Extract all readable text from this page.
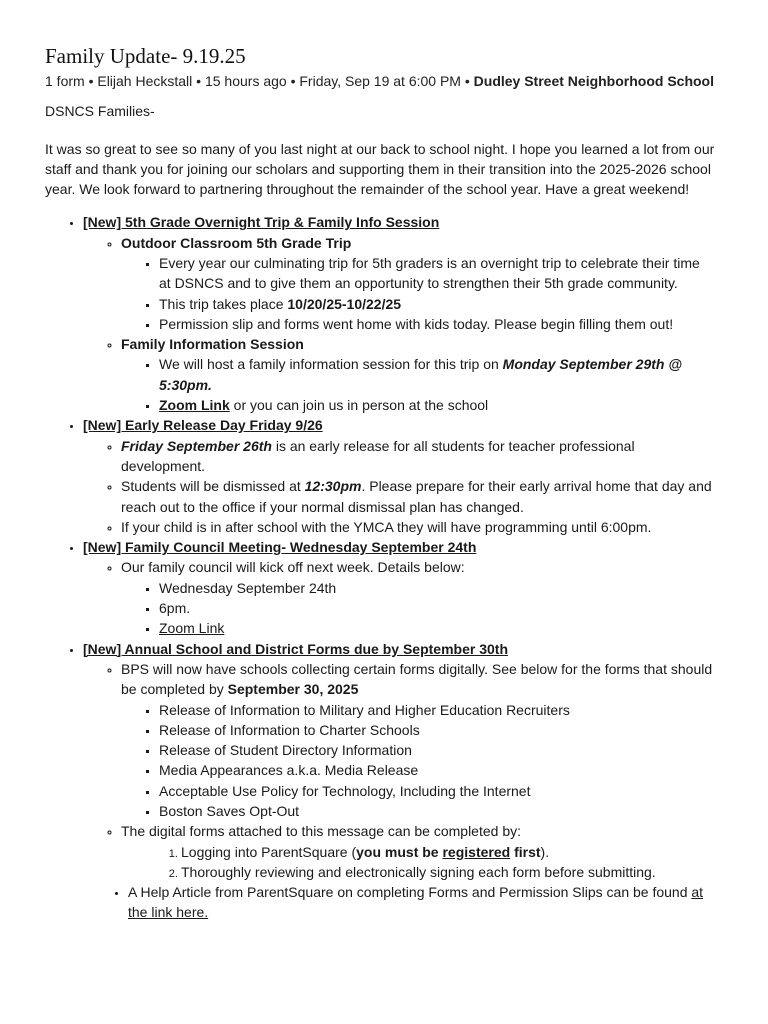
Family Update- 9.19.25
1 form • Elijah Heckstall • 15 hours ago • Friday, Sep 19 at 6:00 PM • Dudley Street Neighborhood School
DSNCS Families-
It was so great to see so many of you last night at our back to school night. I hope you learned a lot from our staff and thank you for joining our scholars and supporting them in their transition into the 2025-2026 school year. We look forward to partnering throughout the remainder of the school year. Have a great weekend!
• [New] 5th Grade Overnight Trip & Family Info Session
◦ Outdoor Classroom 5th Grade Trip
▪ Every year our culminating trip for 5th graders is an overnight trip to celebrate their time at DSNCS and to give them an opportunity to strengthen their 5th grade community.
▪ This trip takes place 10/20/25-10/22/25
▪ Permission slip and forms went home with kids today. Please begin filling them out!
◦ Family Information Session
▪ We will host a family information session for this trip on Monday September 29th @ 5:30pm.
▪ Zoom Link or you can join us in person at the school
• [New] Early Release Day Friday 9/26
◦ Friday September 26th is an early release for all students for teacher professional development.
◦ Students will be dismissed at 12:30pm. Please prepare for their early arrival home that day and reach out to the office if your normal dismissal plan has changed.
◦ If your child is in after school with the YMCA they will have programming until 6:00pm.
• [New] Family Council Meeting- Wednesday September 24th
◦ Our family council will kick off next week. Details below:
▪ Wednesday September 24th
▪ 6pm.
▪ Zoom Link
• [New] Annual School and District Forms due by September 30th
◦ BPS will now have schools collecting certain forms digitally. See below for the forms that should be completed by September 30, 2025
▪ Release of Information to Military and Higher Education Recruiters
▪ Release of Information to Charter Schools
▪ Release of Student Directory Information
▪ Media Appearances a.k.a. Media Release
▪ Acceptable Use Policy for Technology, Including the Internet
▪ Boston Saves Opt-Out
◦ The digital forms attached to this message can be completed by:
1. Logging into ParentSquare (you must be registered first).
2. Thoroughly reviewing and electronically signing each form before submitting.
• A Help Article from ParentSquare on completing Forms and Permission Slips can be found at the link here.
